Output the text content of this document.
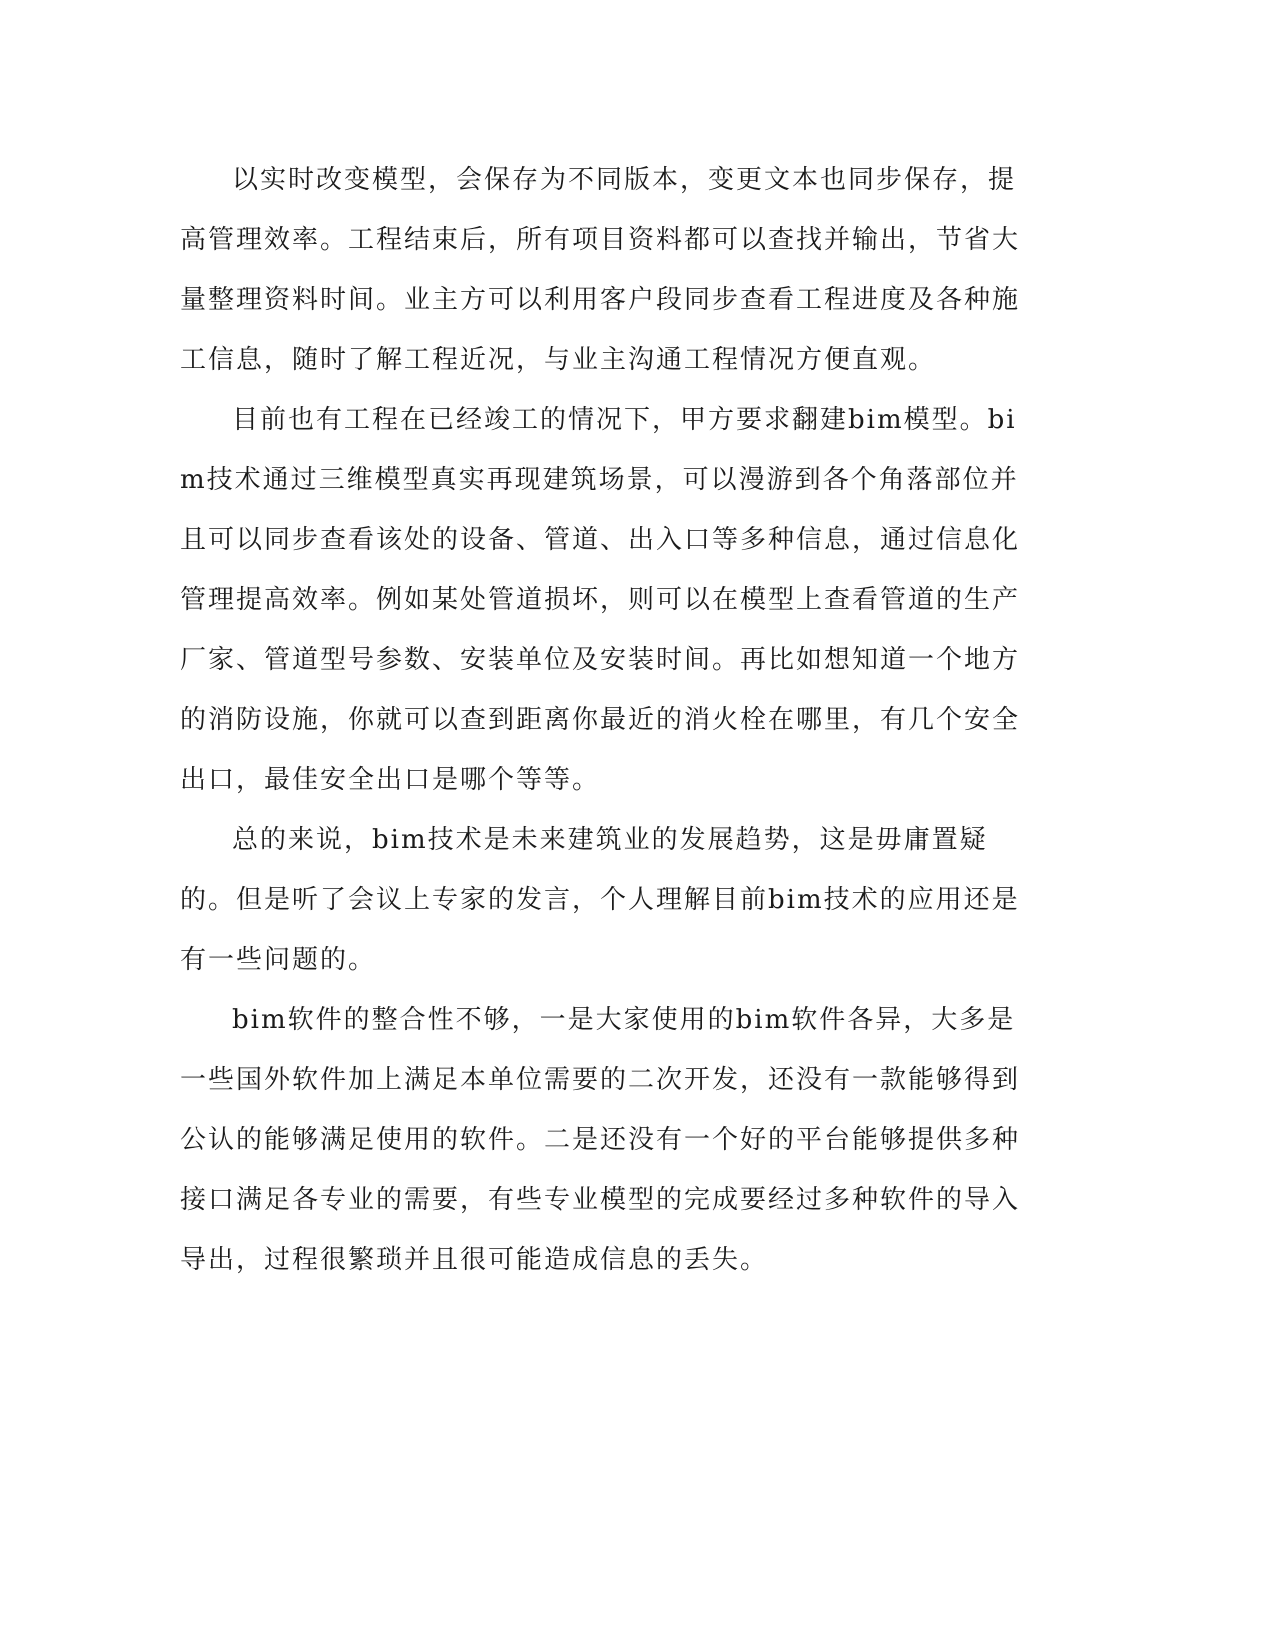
以实时改变模型，会保存为不同版本，变更文本也同步保存，提高管理效率。工程结束后，所有项目资料都可以查找并输出，节省大量整理资料时间。业主方可以利用客户段同步查看工程进度及各种施工信息，随时了解工程近况，与业主沟通工程情况方便直观。

目前也有工程在已经竣工的情况下，甲方要求翻建bim模型。bim技术通过三维模型真实再现建筑场景，可以漫游到各个角落部位并且可以同步查看该处的设备、管道、出入口等多种信息，通过信息化管理提高效率。例如某处管道损坏，则可以在模型上查看管道的生产厂家、管道型号参数、安装单位及安装时间。再比如想知道一个地方的消防设施，你就可以查到距离你最近的消火栓在哪里，有几个安全出口，最佳安全出口是哪个等等。

总的来说，bim技术是未来建筑业的发展趋势，这是毋庸置疑的。但是听了会议上专家的发言，个人理解目前bim技术的应用还是有一些问题的。

bim软件的整合性不够，一是大家使用的bim软件各异，大多是一些国外软件加上满足本单位需要的二次开发，还没有一款能够得到公认的能够满足使用的软件。二是还没有一个好的平台能够提供多种接口满足各专业的需要，有些专业模型的完成要经过多种软件的导入导出，过程很繁琐并且很可能造成信息的丢失。
